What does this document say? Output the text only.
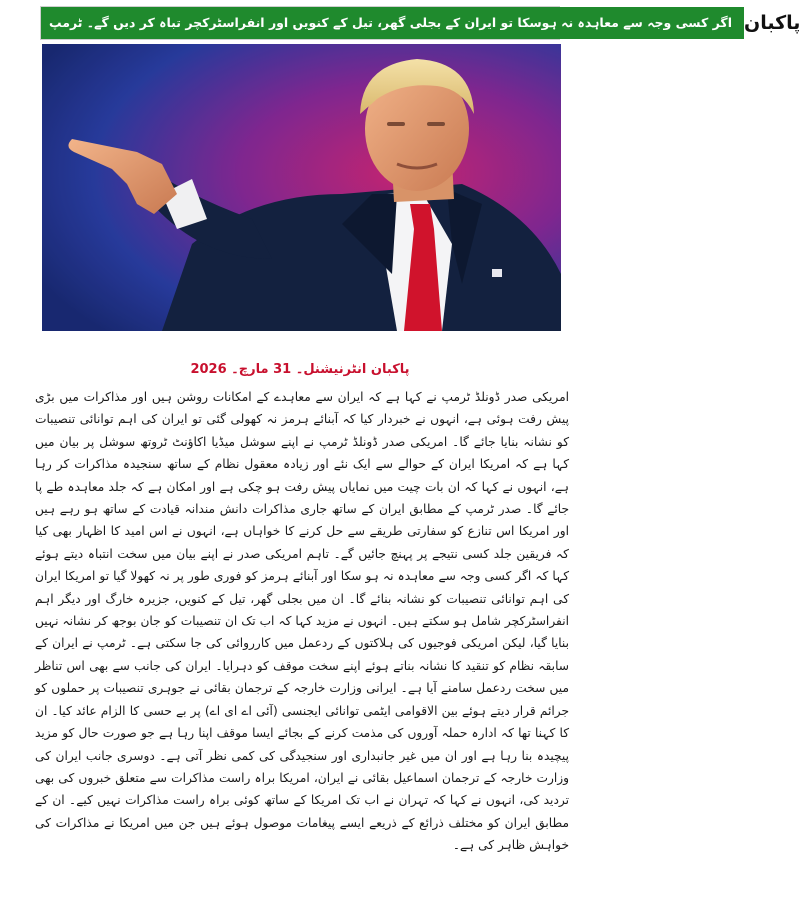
اگر کسی وجہ سے معاہدہ نہ ہوسکا تو ایران کے بجلی گھر، تیل کے کنویں اور انفراسٹرکچر تباہ کر دیں گے۔ ٹرمپ پاکبان
پاکبان انٹرنیشنل۔ 31 مارچ۔ 2026
امریکی صدر ڈونلڈ ٹرمپ نے کہا ہے کہ ایران سے معاہدے کے امکانات روشن ہیں اور مذاکرات میں بڑی پیش رفت ہوئی ہے، انہوں نے خبردار کیا کہ آبنائے ہرمز نہ کھولی گئی تو ایران کی اہم توانائی تنصیبات کو نشانہ بنایا جائے گا۔ امریکی صدر ڈونلڈ ٹرمپ نے اپنے سوشل میڈیا اکاؤنٹ ٹروتھ سوشل پر بیان میں کہا ہے کہ امریکا ایران کے حوالے سے ایک نئے اور زیادہ معقول نظام کے ساتھ سنجیدہ مذاکرات کر رہا ہے، انہوں نے کہا کہ ان بات چیت میں نمایاں پیش رفت ہو چکی ہے اور امکان ہے کہ جلد معاہدہ طے پا جائے گا۔ صدر ٹرمپ کے مطابق ایران کے ساتھ جاری مذاکرات دانش مندانہ قیادت کے ساتھ ہو رہے ہیں اور امریکا اس تنازع کو سفارتی طریقے سے حل کرنے کا خواہاں ہے، انہوں نے اس امید کا اظہار بھی کیا کہ فریقین جلد کسی نتیجے پر پہنچ جائیں گے۔ تاہم امریکی صدر نے اپنے بیان میں سخت انتباہ دیتے ہوئے کہا کہ اگر کسی وجہ سے معاہدہ نہ ہو سکا اور آبنائے ہرمز کو فوری طور پر نہ کھولا گیا تو امریکا ایران کی اہم توانائی تنصیبات کو نشانہ بنائے گا۔ ان میں بجلی گھر، تیل کے کنویں، جزیرہ خارگ اور دیگر اہم انفراسٹرکچر شامل ہو سکتے ہیں۔ انہوں نے مزید کہا کہ اب تک ان تنصیبات کو جان بوجھ کر نشانہ نہیں بنایا گیا، لیکن امریکی فوجیوں کی ہلاکتوں کے ردعمل میں کارروائی کی جا سکتی ہے۔ ٹرمپ نے ایران کے سابقہ نظام کو تنقید کا نشانہ بناتے ہوئے اپنے سخت موقف کو دہرایا۔ ایران کی جانب سے بھی اس تناظر میں سخت ردعمل سامنے آیا ہے۔ ایرانی وزارت خارجہ کے ترجمان بقائی نے جوہری تنصیبات پر حملوں کو جرائم قرار دیتے ہوئے بین الاقوامی ایٹمی توانائی ایجنسی (آئی اے ای اے) پر بے حسی کا الزام عائد کیا۔ ان کا کہنا تھا کہ ادارہ حملہ آوروں کی مذمت کرنے کے بجائے ایسا موقف اپنا رہا ہے جو صورت حال کو مزید پیچیدہ بنا رہا ہے اور ان میں غیر جانبداری اور سنجیدگی کی کمی نظر آتی ہے۔ دوسری جانب ایران کی وزارت خارجہ کے ترجمان اسماعیل بقائی نے ایران، امریکا براہ راست مذاکرات سے متعلق خبروں کی بھی تردید کی، انہوں نے کہا کہ تہران نے اب تک امریکا کے ساتھ کوئی براہ راست مذاکرات نہیں کیے۔ ان کے مطابق ایران کو مختلف ذرائع کے ذریعے ایسے پیغامات موصول ہوئے ہیں جن میں امریکا نے مذاکرات کی خواہش ظاہر کی ہے۔
